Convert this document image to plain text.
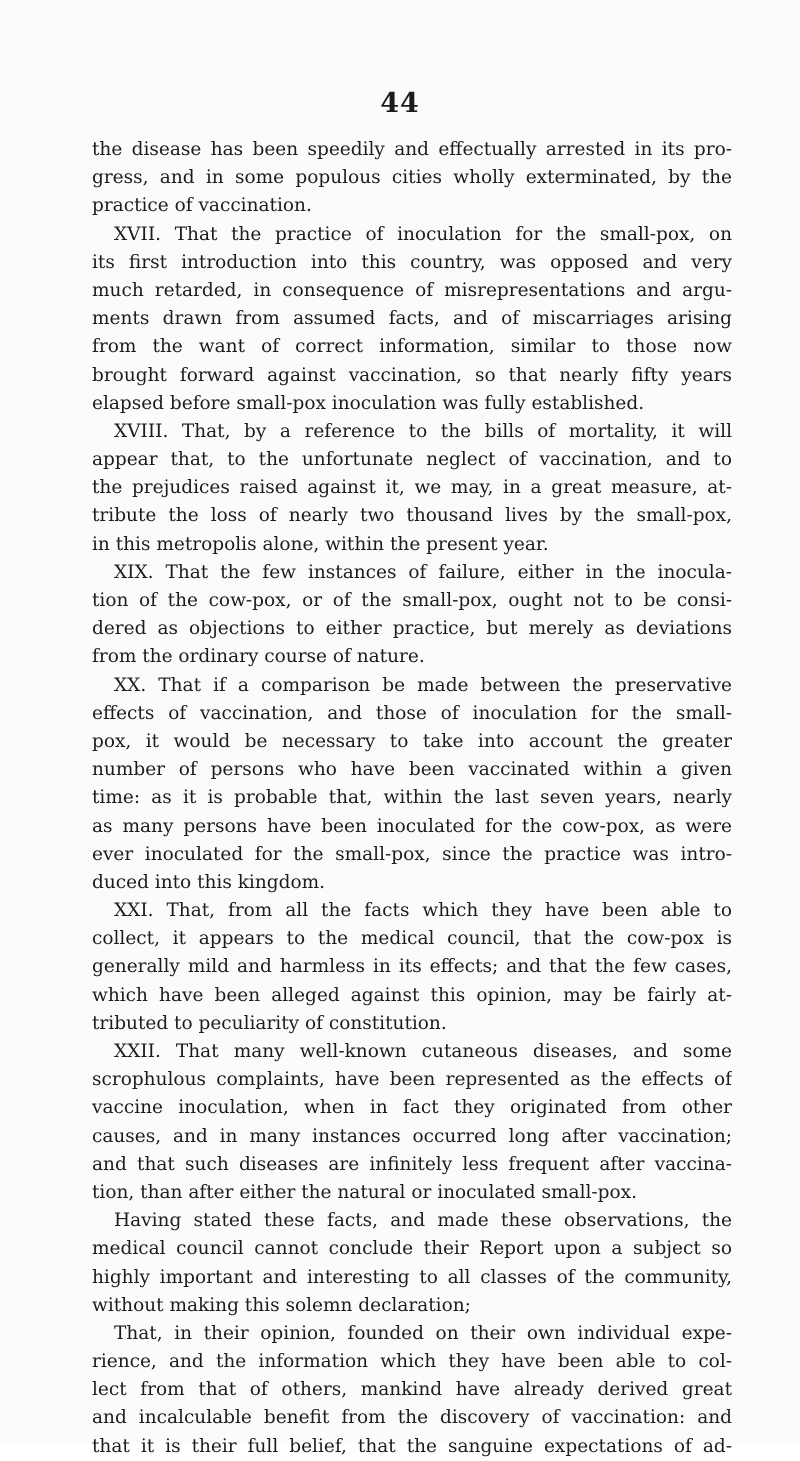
44
the disease has been speedily and effectually arrested in its pro-
gress, and in some populous cities wholly exterminated, by the
practice of vaccination.
XVII. That the practice of inoculation for the small-pox, on
its first introduction into this country, was opposed and very
much retarded, in consequence of misrepresentations and argu-
ments drawn from assumed facts, and of miscarriages arising
from the want of correct information, similar to those now
brought forward against vaccination, so that nearly fifty years
elapsed before small-pox inoculation was fully established.
XVIII. That, by a reference to the bills of mortality, it will
appear that, to the unfortunate neglect of vaccination, and to
the prejudices raised against it, we may, in a great measure, at-
tribute the loss of nearly two thousand lives by the small-pox,
in this metropolis alone, within the present year.
XIX. That the few instances of failure, either in the inocula-
tion of the cow-pox, or of the small-pox, ought not to be consi-
dered as objections to either practice, but merely as deviations
from the ordinary course of nature.
XX. That if a comparison be made between the preservative
effects of vaccination, and those of inoculation for the small-
pox, it would be necessary to take into account the greater
number of persons who have been vaccinated within a given
time: as it is probable that, within the last seven years, nearly
as many persons have been inoculated for the cow-pox, as were
ever inoculated for the small-pox, since the practice was intro-
duced into this kingdom.
XXI. That, from all the facts which they have been able to
collect, it appears to the medical council, that the cow-pox is
generally mild and harmless in its effects; and that the few cases,
which have been alleged against this opinion, may be fairly at-
tributed to peculiarity of constitution.
XXII. That many well-known cutaneous diseases, and some
scrophulous complaints, have been represented as the effects of
vaccine inoculation, when in fact they originated from other
causes, and in many instances occurred long after vaccination;
and that such diseases are infinitely less frequent after vaccina-
tion, than after either the natural or inoculated small-pox.
Having stated these facts, and made these observations, the
medical council cannot conclude their Report upon a subject so
highly important and interesting to all classes of the community,
without making this solemn declaration;
That, in their opinion, founded on their own individual expe-
rience, and the information which they have been able to col-
lect from that of others, mankind have already derived great
and incalculable benefit from the discovery of vaccination: and
that it is their full belief, that the sanguine expectations of ad-
